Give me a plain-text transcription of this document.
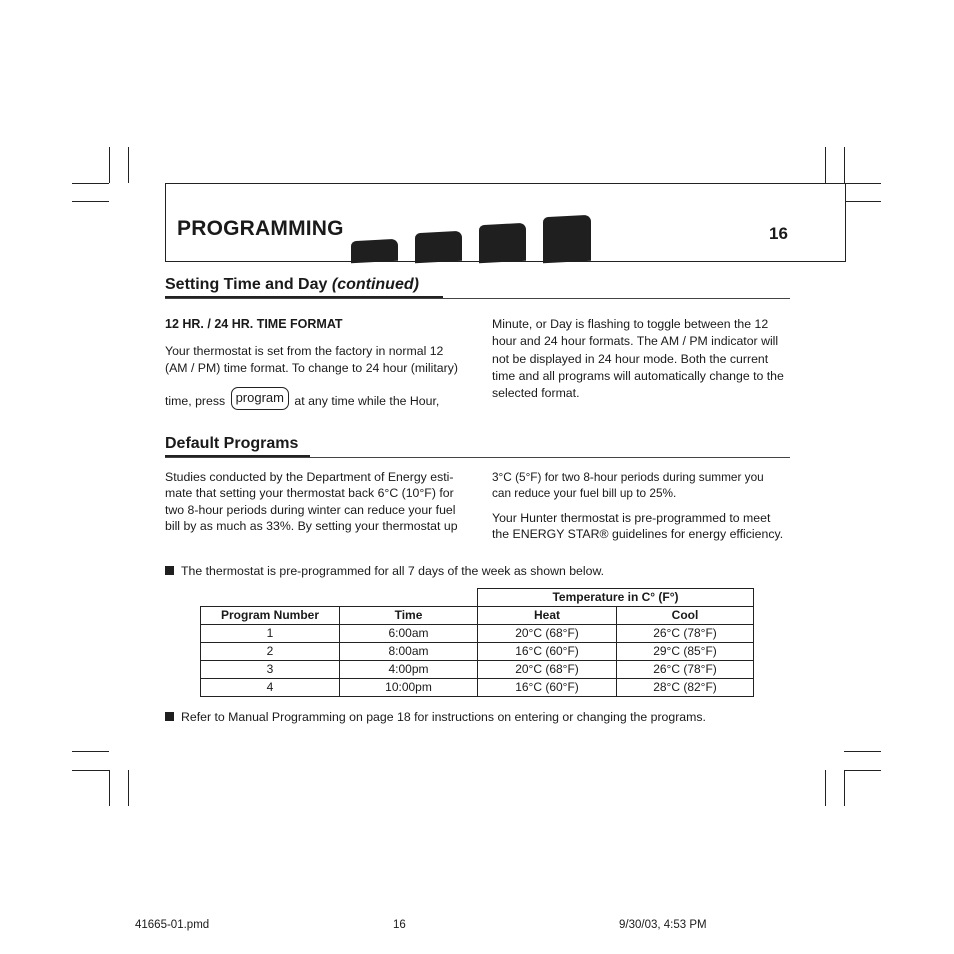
PROGRAMMING	16
Setting Time and Day (continued)
12 HR. / 24 HR. TIME FORMAT
Your thermostat is set from the factory in normal 12
(AM / PM) time format. To change to 24 hour (military)
time, press program at any time while the Hour,
Minute, or Day is flashing to toggle between the 12
hour and 24 hour formats. The AM / PM indicator will
not be displayed in 24 hour mode. Both the current
time and all programs will automatically change to the
selected format.
Default Programs
Studies conducted by the Department of Energy esti-
mate that setting your thermostat back 6°C (10°F) for
two 8-hour periods during winter can reduce your fuel
bill by as much as 33%. By setting your thermostat up
3°C (5°F) for two 8-hour periods during summer you
can reduce your fuel bill up to 25%.
Your Hunter thermostat is pre-programmed to meet
the ENERGY STAR® guidelines for energy efficiency.
The thermostat is pre-programmed for all 7 days of the week as shown below.
		Temperature in C° (F°)	
Program Number	Time	Heat	Cool
1	6:00am	20°C (68°F)	26°C (78°F)
2	8:00am	16°C (60°F)	29°C (85°F)
3	4:00pm	20°C (68°F)	26°C (78°F)
4	10:00pm	16°C (60°F)	28°C (82°F)
Refer to Manual Programming on page 18 for instructions on entering or changing the programs.
41665-01.pmd	16	9/30/03, 4:53 PM
